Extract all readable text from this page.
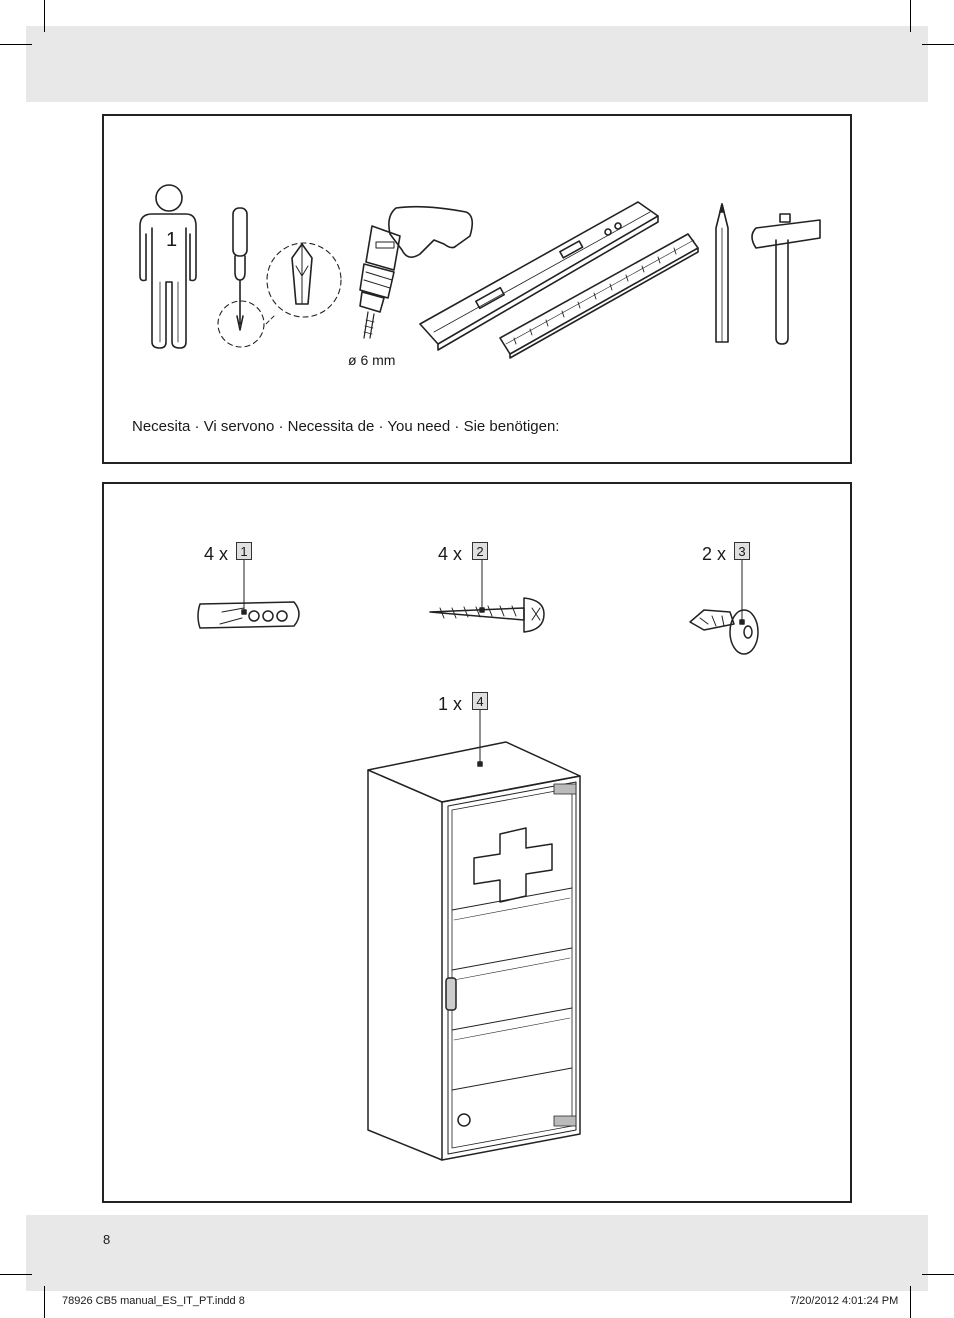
1
ø 6 mm
Necesita · Vi servono · Necessita de · You need · Sie benötigen:
4 x 1	4 x	2	2 x 3
1 x	4
8
78926 CB5 manual_ES_IT_PT.indd 8	7/20/2012 4:01:24 PM
